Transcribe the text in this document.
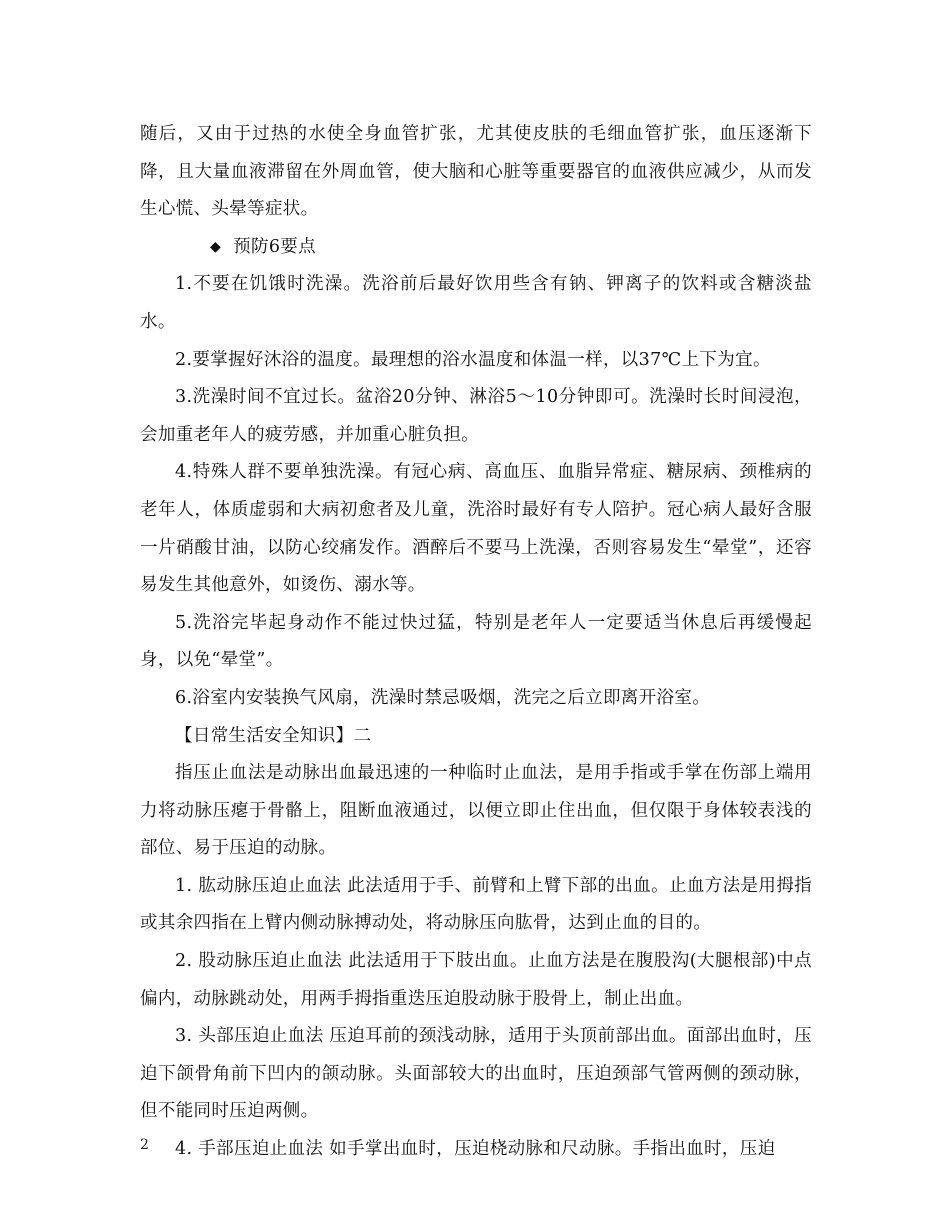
随后，又由于过热的水使全身血管扩张，尤其使皮肤的毛细血管扩张，血压逐渐下降，且大量血液滞留在外周血管，使大脑和心脏等重要器官的血液供应减少，从而发生心慌、头晕等症状。

◆ 预防6要点

1.不要在饥饿时洗澡。洗浴前后最好饮用些含有钠、钾离子的饮料或含糖淡盐水。

2.要掌握好沐浴的温度。最理想的浴水温度和体温一样，以37℃上下为宜。

3.洗澡时间不宜过长。盆浴20分钟、淋浴5～10分钟即可。洗澡时长时间浸泡，会加重老年人的疲劳感，并加重心脏负担。

4.特殊人群不要单独洗澡。有冠心病、高血压、血脂异常症、糖尿病、颈椎病的老年人，体质虚弱和大病初愈者及儿童，洗浴时最好有专人陪护。冠心病人最好含服一片硝酸甘油，以防心绞痛发作。酒醉后不要马上洗澡，否则容易发生“晕堂”，还容易发生其他意外，如烫伤、溺水等。

5.洗浴完毕起身动作不能过快过猛，特别是老年人一定要适当休息后再缓慢起身，以免“晕堂”。

6.浴室内安装换气风扇，洗澡时禁忌吸烟，洗完之后立即离开浴室。

【日常生活安全知识】二

指压止血法是动脉出血最迅速的一种临时止血法，是用手指或手掌在伤部上端用力将动脉压瘪于骨骼上，阻断血液通过，以便立即止住出血，但仅限于身体较表浅的部位、易于压迫的动脉。

1. 肱动脉压迫止血法 此法适用于手、前臂和上臂下部的出血。止血方法是用拇指或其余四指在上臂内侧动脉搏动处，将动脉压向肱骨，达到止血的目的。

2. 股动脉压迫止血法 此法适用于下肢出血。止血方法是在腹股沟(大腿根部)中点偏内，动脉跳动处，用两手拇指重迭压迫股动脉于股骨上，制止出血。

3. 头部压迫止血法 压迫耳前的颈浅动脉，适用于头顶前部出血。面部出血时，压迫下颌骨角前下凹内的颌动脉。头面部较大的出血时，压迫颈部气管两侧的颈动脉，但不能同时压迫两侧。

4. 手部压迫止血法 如手掌出血时，压迫桡动脉和尺动脉。手指出血时，压迫

2
